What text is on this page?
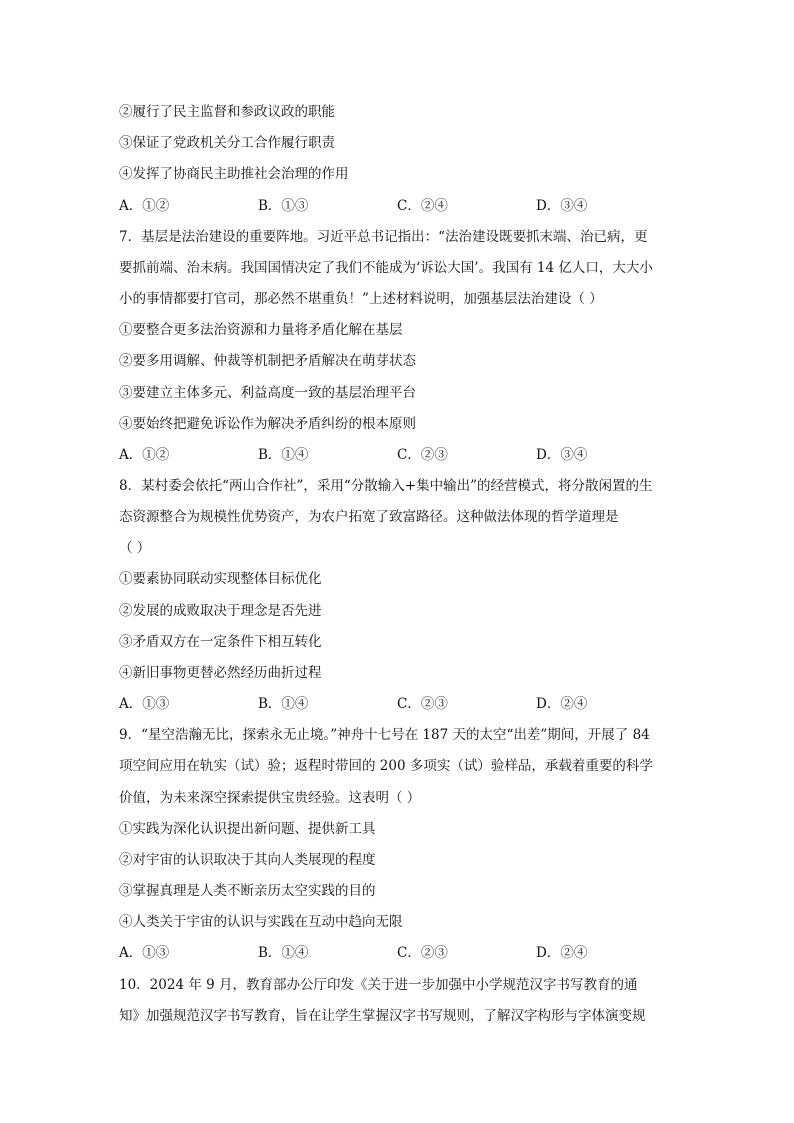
②履行了民主监督和参政议政的职能
③保证了党政机关分工合作履行职责
④发挥了协商民主助推社会治理的作用
A．①②	B．①③	C．②④	D．③④
7．基层是法治建设的重要阵地。习近平总书记指出：“法治建设既要抓末端、治已病，更
要抓前端、治未病。我国国情决定了我们不能成为‘诉讼大国’。我国有 14 亿人口，大大小
小的事情都要打官司，那必然不堪重负！”上述材料说明，加强基层法治建设（ ）
①要整合更多法治资源和力量将矛盾化解在基层
②要多用调解、仲裁等机制把矛盾解决在萌芽状态
③要建立主体多元、利益高度一致的基层治理平台
④要始终把避免诉讼作为解决矛盾纠纷的根本原则
A．①②	B．①④	C．②③	D．③④
8．某村委会依托“两山合作社”，采用“分散输入+集中输出”的经营模式，将分散闲置的生
态资源整合为规模性优势资产，为农户拓宽了致富路径。这种做法体现的哲学道理是
（ ）
①要素协同联动实现整体目标优化
②发展的成败取决于理念是否先进
③矛盾双方在一定条件下相互转化
④新旧事物更替必然经历曲折过程
A．①③	B．①④	C．②③	D．②④
9．“星空浩瀚无比，探索永无止境。”神舟十七号在 187 天的太空“出差”期间，开展了 84
项空间应用在轨实（试）验；返程时带回的 200 多项实（试）验样品，承载着重要的科学
价值，为未来深空探索提供宝贵经验。这表明（ ）
①实践为深化认识提出新问题、提供新工具
②对宇宙的认识取决于其向人类展现的程度
③掌握真理是人类不断亲历太空实践的目的
④人类关于宇宙的认识与实践在互动中趋向无限
A．①③	B．①④	C．②③	D．②④
10．2024 年 9 月，教育部办公厅印发《关于进一步加强中小学规范汉字书写教育的通
知》加强规范汉字书写教育，旨在让学生掌握汉字书写规则，了解汉字构形与字体演变规
